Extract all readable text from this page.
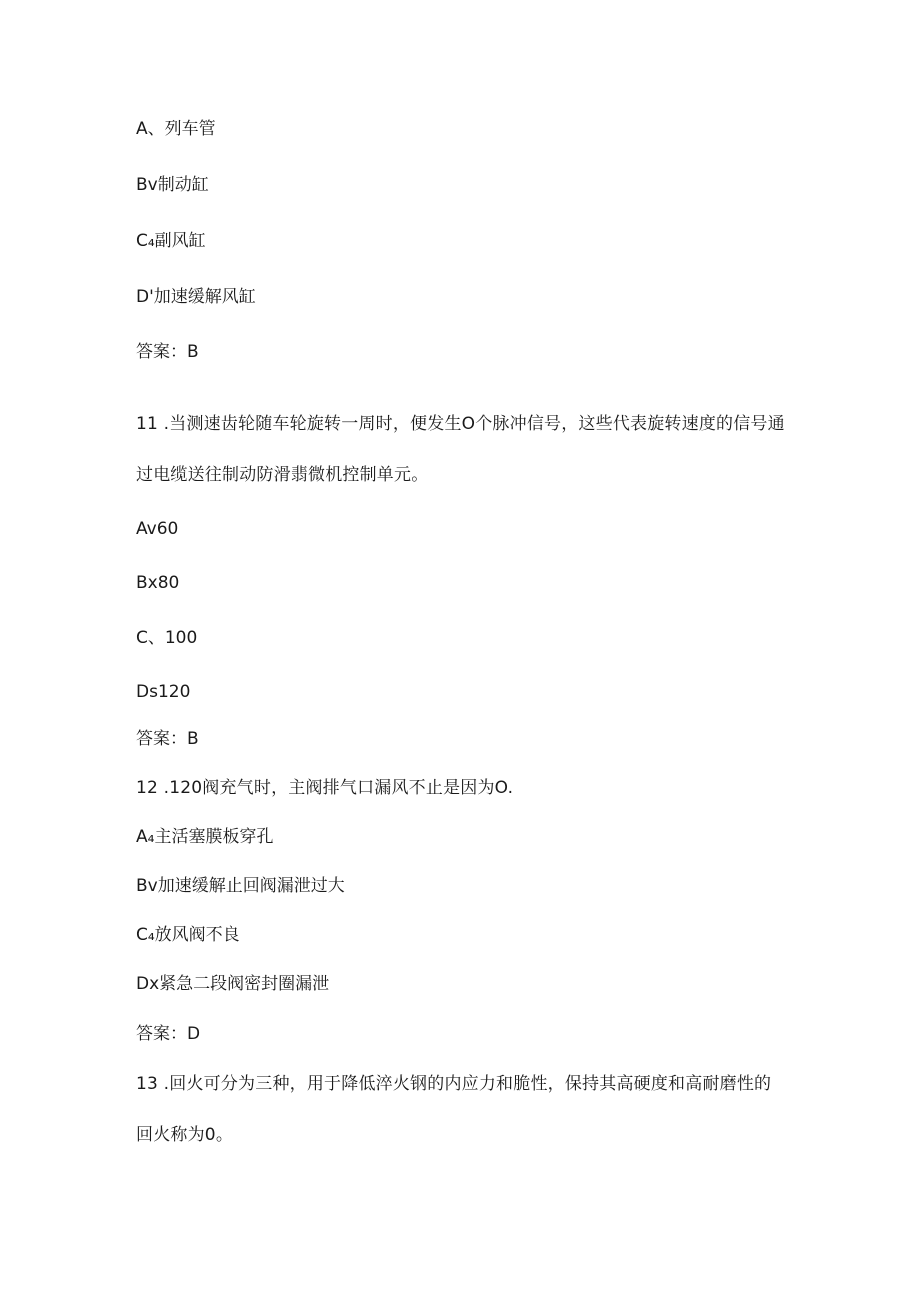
A、列车管
Bv制动缸
C₄副风缸
D'加速缓解风缸
答案：B
11 .当测速齿轮随车轮旋转一周时，便发生O个脉冲信号，这些代表旋转速度的信号通
过电缆送往制动防滑翡微机控制单元。
Av60
Bx80
C、100
Ds120
答案：B
12 .120阀充气时，主阀排气口漏风不止是因为O.
A₄主活塞膜板穿孔
Bv加速缓解止回阀漏泄过大
C₄放风阀不良
Dx紧急二段阀密封圈漏泄
答案：D
13 .回火可分为三种，用于降低淬火钢的内应力和脆性，保持其高硬度和高耐磨性的
回火称为0。
